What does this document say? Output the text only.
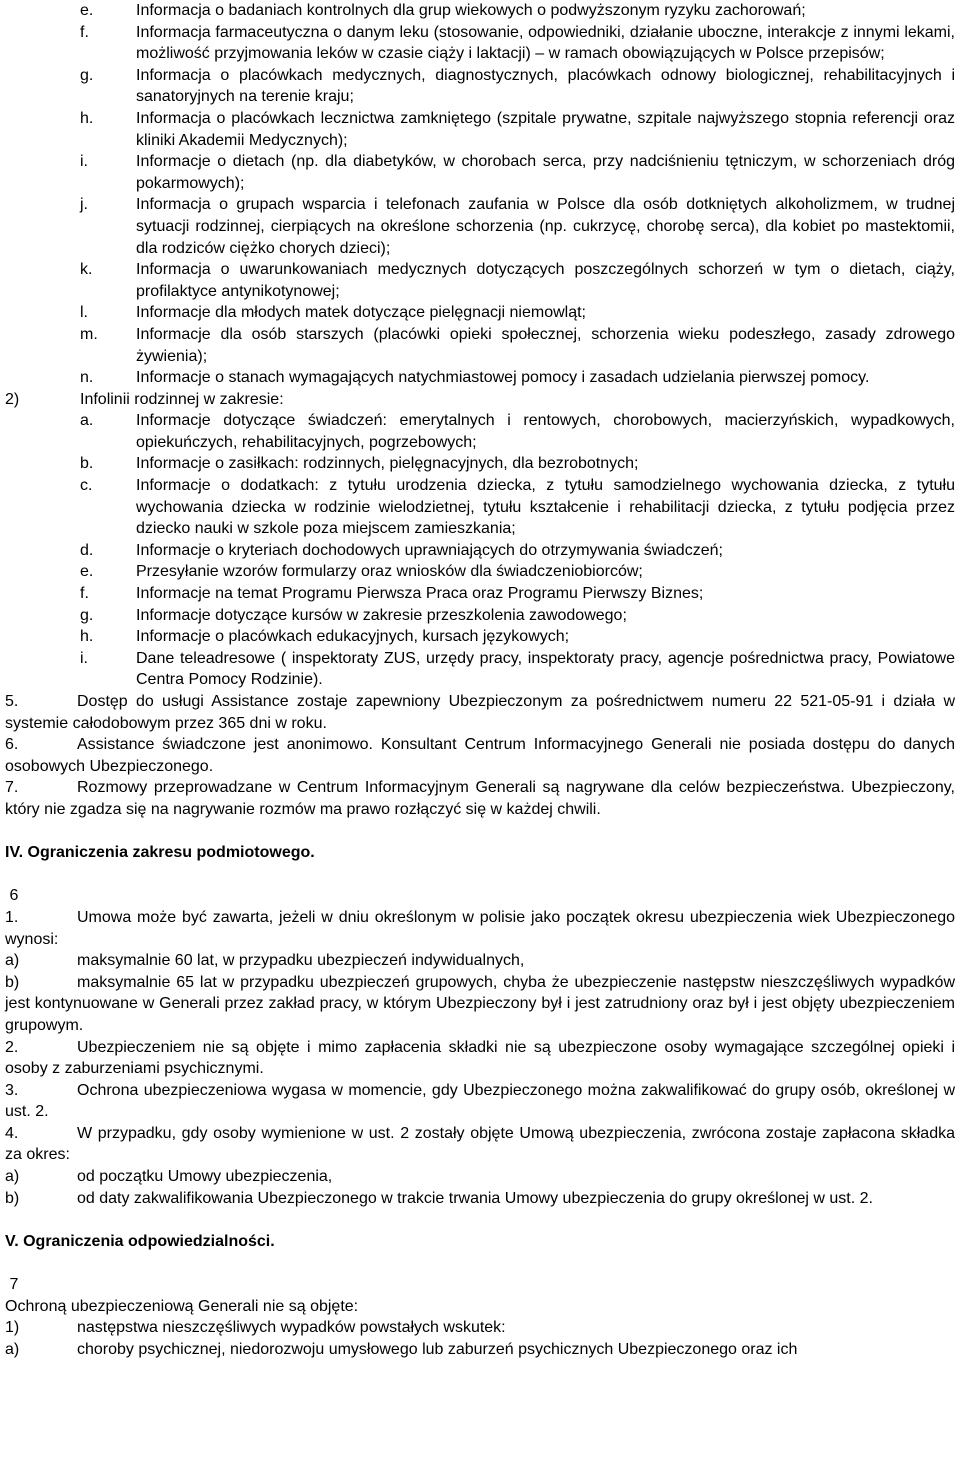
e.	Informacja o badaniach kontrolnych dla grup wiekowych o podwyższonym ryzyku zachorowań;
f.	Informacja farmaceutyczna o danym leku (stosowanie, odpowiedniki, działanie uboczne, interakcje z innymi lekami, możliwość przyjmowania leków w czasie ciąży i laktacji) – w ramach obowiązujących w Polsce przepisów;
g.	Informacja o placówkach medycznych, diagnostycznych, placówkach odnowy biologicznej, rehabilitacyjnych i sanatoryjnych na terenie kraju;
h.	Informacja o placówkach lecznictwa zamkniętego (szpitale prywatne, szpitale najwyższego stopnia referencji oraz kliniki Akademii Medycznych);
i.	Informacje o dietach (np. dla diabetyków, w chorobach serca, przy nadciśnieniu tętniczym, w schorzeniach dróg pokarmowych);
j.	Informacja o grupach wsparcia i telefonach zaufania w Polsce dla osób dotkniętych alkoholizmem, w trudnej sytuacji rodzinnej, cierpiących na określone schorzenia (np. cukrzycę, chorobę serca), dla kobiet po mastektomii, dla rodziców ciężko chorych dzieci);
k.	Informacja o uwarunkowaniach medycznych dotyczących poszczególnych schorzeń w tym o dietach, ciąży, profilaktyce antynikotynowej;
l.	Informacje dla młodych matek dotyczące pielęgnacji niemowląt;
m. Informacje dla osób starszych (placówki opieki społecznej, schorzenia wieku podeszłego, zasady zdrowego żywienia);
n.	Informacje o stanach wymagających natychmiastowej pomocy i zasadach udzielania pierwszej pomocy.
2)	Infolinii rodzinnej w zakresie:
a.	Informacje dotyczące świadczeń: emerytalnych i rentowych, chorobowych, macierzyńskich, wypadkowych, opiekuńczych, rehabilitacyjnych, pogrzebowych;
b.	Informacje o zasiłkach: rodzinnych, pielęgnacyjnych, dla bezrobotnych;
c.	Informacje o dodatkach: z tytułu urodzenia dziecka, z tytułu samodzielnego wychowania dziecka, z tytułu wychowania dziecka w rodzinie wielodzietnej, tytułu kształcenie i rehabilitacji dziecka, z tytułu podjęcia przez dziecko nauki w szkole poza miejscem zamieszkania;
d.	Informacje o kryteriach dochodowych uprawniających do otrzymywania świadczeń;
e.	Przesyłanie wzorów formularzy oraz wniosków dla świadczeniobiorców;
f.	Informacje na temat Programu Pierwsza Praca oraz Programu Pierwszy Biznes;
g.	Informacje dotyczące kursów w zakresie przeszkolenia zawodowego;
h.	Informacje o placówkach edukacyjnych, kursach językowych;
i.	Dane teleadresowe ( inspektoraty ZUS, urzędy pracy, inspektoraty pracy, agencje pośrednictwa pracy, Powiatowe Centra Pomocy Rodzinie).
5.	Dostęp do usługi Assistance zostaje zapewniony Ubezpieczonym za pośrednictwem numeru 22 521-05-91 i działa w systemie całodobowym przez 365 dni w roku.
6.	Assistance świadczone jest anonimowo. Konsultant Centrum Informacyjnego Generali nie posiada dostępu do danych osobowych Ubezpieczonego.
7.	Rozmowy przeprowadzane w Centrum Informacyjnym Generali są nagrywane dla celów bezpieczeństwa. Ubezpieczony, który nie zgadza się na nagrywanie rozmów ma prawo rozłączyć się w każdej chwili.
IV. Ograniczenia zakresu podmiotowego.
6
1.	Umowa może być zawarta, jeżeli w dniu określonym w polisie jako początek okresu ubezpieczenia wiek Ubezpieczonego wynosi:
a)	maksymalnie 60 lat, w przypadku ubezpieczeń indywidualnych,
b)	maksymalnie 65 lat w przypadku ubezpieczeń grupowych, chyba że ubezpieczenie następstw nieszczęśliwych wypadków jest kontynuowane w Generali przez zakład pracy, w którym Ubezpieczony był i jest zatrudniony oraz był i jest objęty ubezpieczeniem grupowym.
2.	Ubezpieczeniem nie są objęte i mimo zapłacenia składki nie są ubezpieczone osoby wymagające szczególnej opieki i osoby z zaburzeniami psychicznymi.
3.	Ochrona ubezpieczeniowa wygasa w momencie, gdy Ubezpieczonego można zakwalifikować do grupy osób, określonej w ust. 2.
4.	W przypadku, gdy osoby wymienione w ust. 2 zostały objęte Umową ubezpieczenia, zwrócona zostaje zapłacona składka za okres:
a)	od początku Umowy ubezpieczenia,
b)	od daty zakwalifikowania Ubezpieczonego w trakcie trwania Umowy ubezpieczenia do grupy określonej w ust. 2.
V. Ograniczenia odpowiedzialności.
7
Ochroną ubezpieczeniową Generali nie są objęte:
1)	następstwa nieszczęśliwych wypadków powstałych wskutek:
a)	choroby psychicznej, niedorozwoju umysłowego lub zaburzeń psychicznych Ubezpieczonego oraz ich
